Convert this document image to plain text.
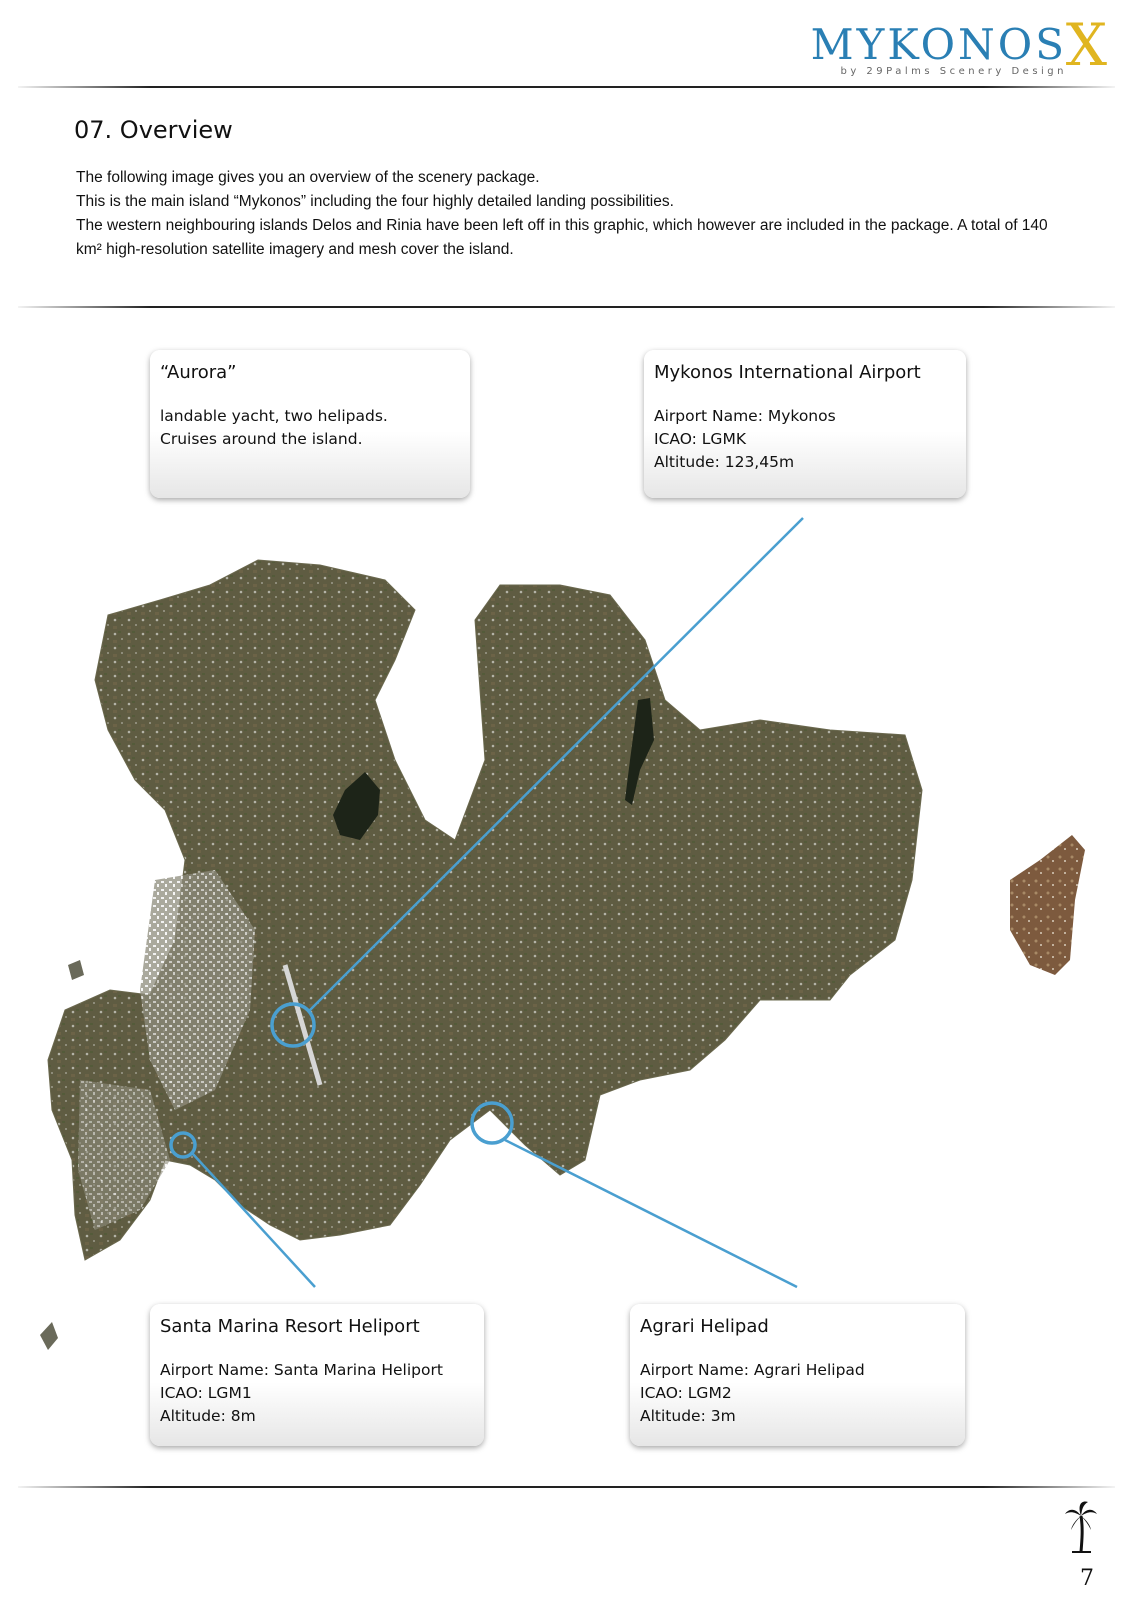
MYKONOS
X
by 29Palms Scenery Design
07. Overview

The following image gives you an overview of the scenery package.

This is the main island “Mykonos” including the four highly detailed landing possibilities.

The western neighbouring islands Delos and Rinia have been left off in this graphic, which however are included in the package. A total of 140 km² high-resolution satellite imagery and mesh cover the island.

“Aurora”
landable yacht, two helipads.
Cruises around the island.
Mykonos International Airport
Airport Name: Mykonos
ICAO: LGMK
Altitude: 123,45m
Santa Marina Resort Heliport
Airport Name: Santa Marina Heliport
ICAO: LGM1
Altitude: 8m
Agrari Helipad
Airport Name: Agrari Helipad
ICAO: LGM2
Altitude: 3m
7
